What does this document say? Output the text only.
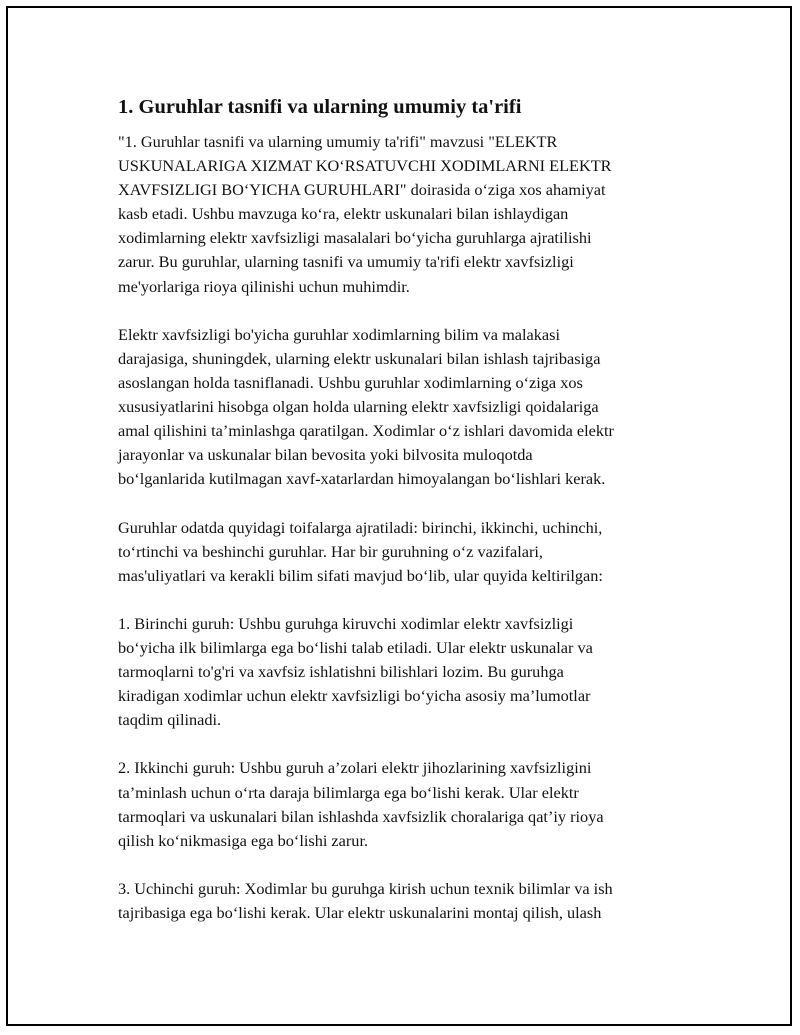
1. Guruhlar tasnifi va ularning umumiy ta'rifi

"1. Guruhlar tasnifi va ularning umumiy ta'rifi" mavzusi "ELEKTR
USKUNALARIGA XIZMAT KO‘RSATUVCHI XODIMLARNI ELEKTR
XAVFSIZLIGI BO‘YICHA GURUHLARI" doirasida o‘ziga xos ahamiyat
kasb etadi. Ushbu mavzuga ko‘ra, elektr uskunalari bilan ishlaydigan
xodimlarning elektr xavfsizligi masalalari bo‘yicha guruhlarga ajratilishi
zarur. Bu guruhlar, ularning tasnifi va umumiy ta'rifi elektr xavfsizligi
me'yorlariga rioya qilinishi uchun muhimdir.

Elektr xavfsizligi bo'yicha guruhlar xodimlarning bilim va malakasi
darajasiga, shuningdek, ularning elektr uskunalari bilan ishlash tajribasiga
asoslangan holda tasniflanadi. Ushbu guruhlar xodimlarning o‘ziga xos
xususiyatlarini hisobga olgan holda ularning elektr xavfsizligi qoidalariga
amal qilishini ta’minlashga qaratilgan. Xodimlar o‘z ishlari davomida elektr
jarayonlar va uskunalar bilan bevosita yoki bilvosita muloqotda
bo‘lganlarida kutilmagan xavf-xatarlardan himoyalangan bo‘lishlari kerak.

Guruhlar odatda quyidagi toifalarga ajratiladi: birinchi, ikkinchi, uchinchi,
to‘rtinchi va beshinchi guruhlar. Har bir guruhning o‘z vazifalari,
mas'uliyatlari va kerakli bilim sifati mavjud bo‘lib, ular quyida keltirilgan:

1. Birinchi guruh: Ushbu guruhga kiruvchi xodimlar elektr xavfsizligi
bo‘yicha ilk bilimlarga ega bo‘lishi talab etiladi. Ular elektr uskunalar va
tarmoqlarni to'g'ri va xavfsiz ishlatishni bilishlari lozim. Bu guruhga
kiradigan xodimlar uchun elektr xavfsizligi bo‘yicha asosiy ma’lumotlar
taqdim qilinadi.

2. Ikkinchi guruh: Ushbu guruh a’zolari elektr jihozlarining xavfsizligini
ta’minlash uchun o‘rta daraja bilimlarga ega bo‘lishi kerak. Ular elektr
tarmoqlari va uskunalari bilan ishlashda xavfsizlik choralariga qat’iy rioya
qilish ko‘nikmasiga ega bo‘lishi zarur.

3. Uchinchi guruh: Xodimlar bu guruhga kirish uchun texnik bilimlar va ish
tajribasiga ega bo‘lishi kerak. Ular elektr uskunalarini montaj qilish, ulash
